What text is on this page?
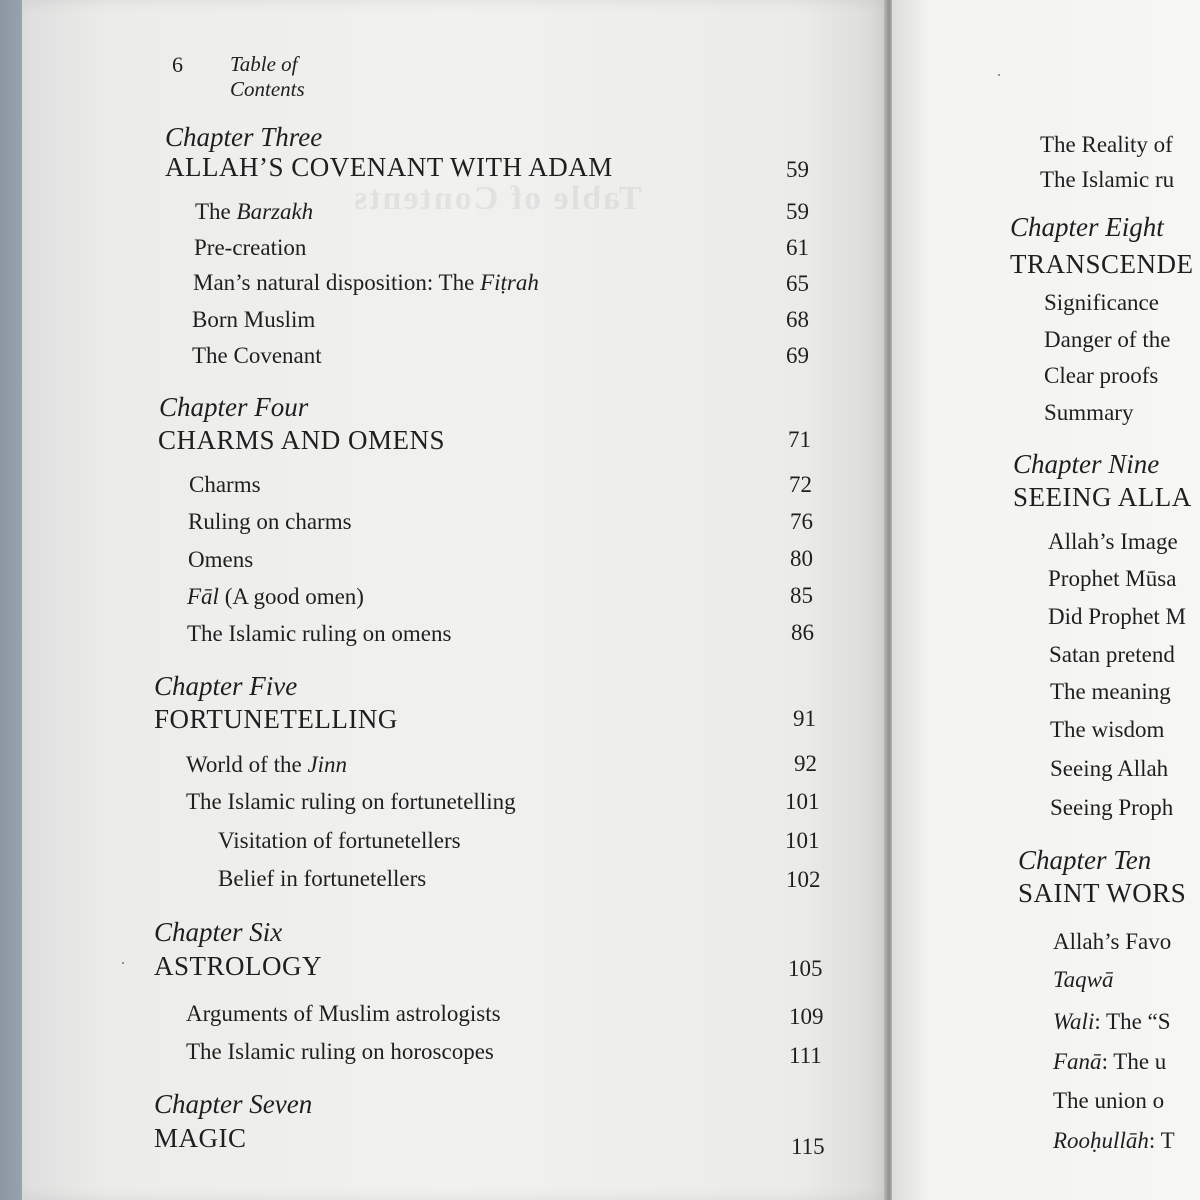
Table of Contents
6 Table of Contents
Chapter Three
ALLAH’S COVENANT WITH ADAM	59
The Barzakh	59
Pre-creation	61
Man’s natural disposition: The Fiṭrah	65
Born Muslim	68
The Covenant	69
Chapter Four
CHARMS AND OMENS	71
Charms	72
Ruling on charms	76
Omens	80
Fāl (A good omen)	85
The Islamic ruling on omens	86
Chapter Five
FORTUNETELLING	91
World of the Jinn	92
The Islamic ruling on fortunetelling	101
Visitation of fortunetellers	101
Belief in fortunetellers	102
Chapter Six
ASTROLOGY	105
Arguments of Muslim astrologists	109
The Islamic ruling on horoscopes	111
Chapter Seven
MAGIC	115
The Reality of
The Islamic ru
Chapter Eight
TRANSCENDE
Significance
Danger of the
Clear proofs
Summary
Chapter Nine
SEEING ALLA
Allah’s Image
Prophet Mūsa
Did Prophet M
Satan pretend
The meaning
The wisdom
Seeing Allah
Seeing Proph
Chapter Ten
SAINT WORS
Allah’s Favo
Taqwā
Wali: The “S
Fanā: The u
The union o
Rooḥullāh: T
